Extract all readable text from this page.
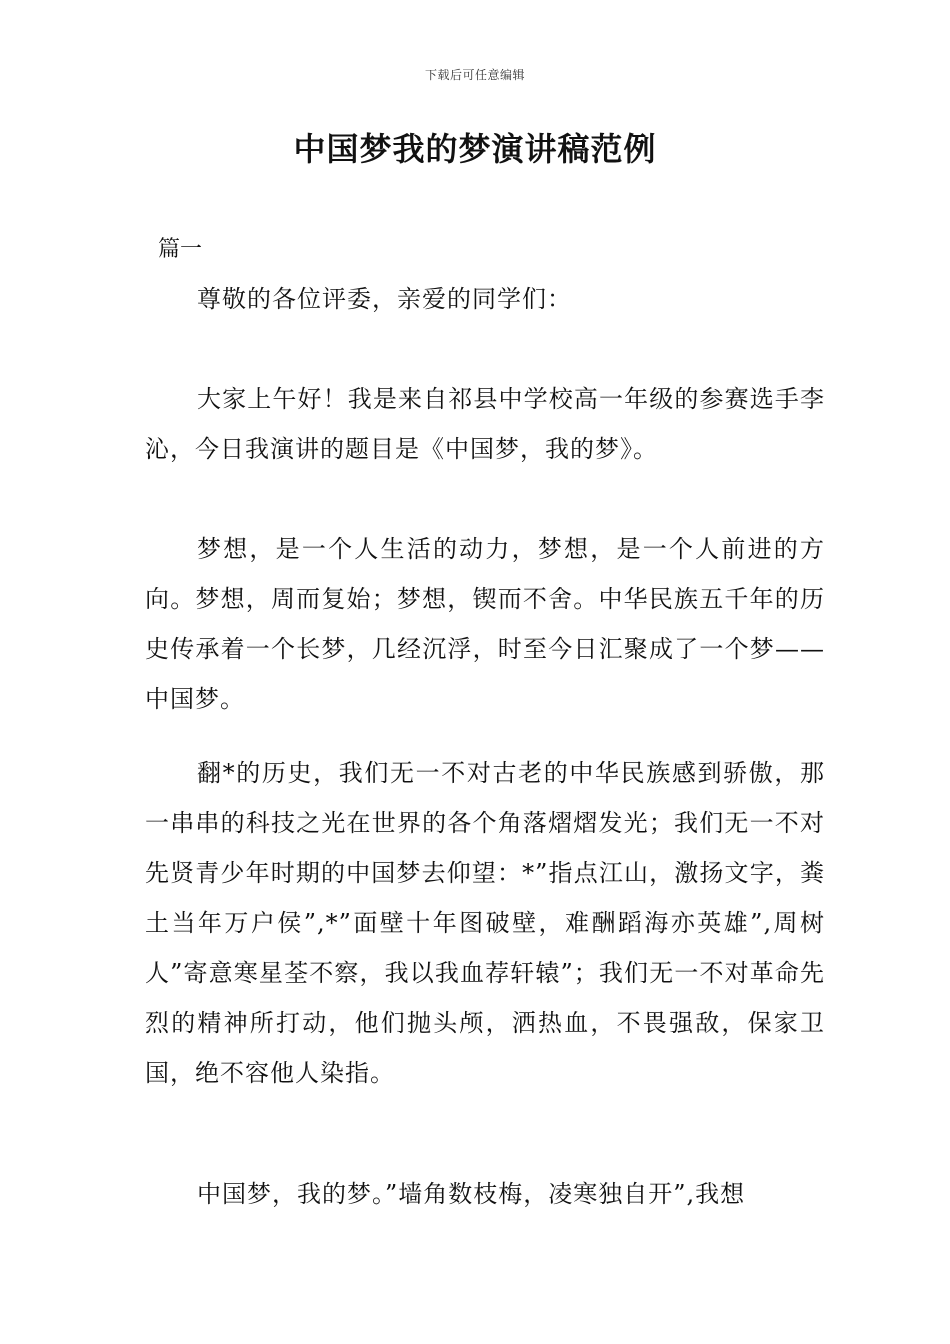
下载后可任意编辑
中国梦我的梦演讲稿范例
篇一

尊敬的各位评委，亲爱的同学们：

大家上午好！我是来自祁县中学校高一年级的参赛选手李沁，今日我演讲的题目是《中国梦，我的梦》。

梦想，是一个人生活的动力，梦想，是一个人前进的方向。梦想，周而复始；梦想，锲而不舍。中华民族五千年的历史传承着一个长梦，几经沉浮，时至今日汇聚成了一个梦——中国梦。

翻*的历史，我们无一不对古老的中华民族感到骄傲，那一串串的科技之光在世界的各个角落熠熠发光；我们无一不对先贤青少年时期的中国梦去仰望：*”指点江山，激扬文字，粪土当年万户侯”,*”面壁十年图破壁，难酬蹈海亦英雄”,周树人”寄意寒星荃不察，我以我血荐轩辕”；我们无一不对革命先烈的精神所打动，他们抛头颅，洒热血，不畏强敌，保家卫国，绝不容他人染指。

中国梦，我的梦。”墙角数枝梅，凌寒独自开”,我想
